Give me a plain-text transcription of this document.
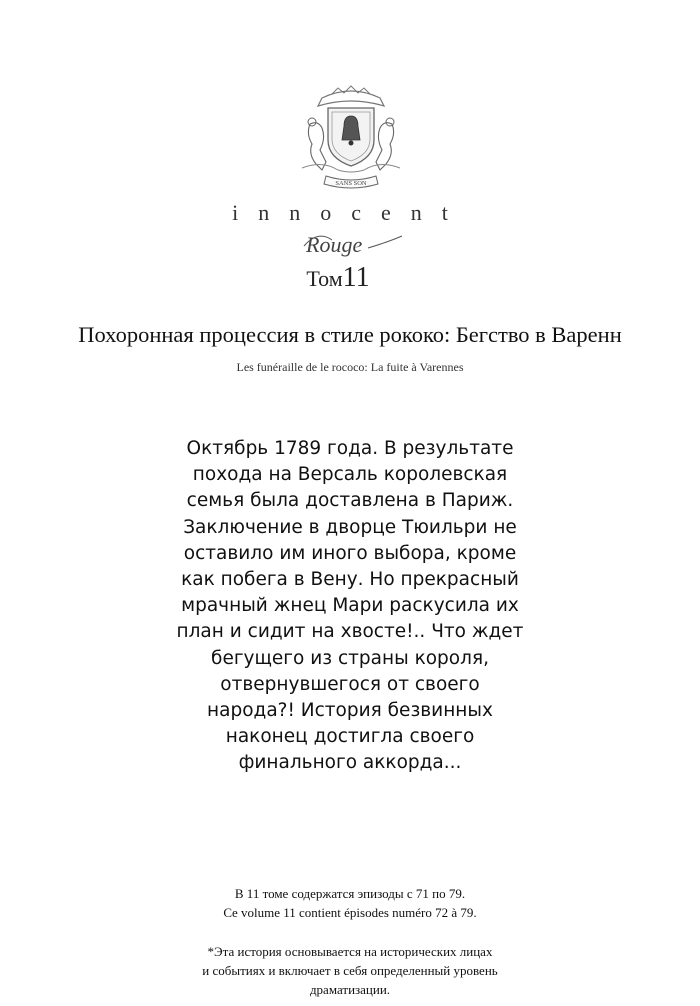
SANS SON
innocent
Rouge
Том11
Похоронная процессия в стиле рококо: Бегство в Варенн
Les funéraille de le rococo: La fuite à Varennes
Октябрь 1789 года. В результате
похода на Версаль королевская
семья была доставлена в Париж.
Заключение в дворце Тюильри не
оставило им иного выбора, кроме
как побега в Вену. Но прекрасный
мрачный жнец Мари раскусила их
план и сидит на хвосте!.. Что ждет
бегущего из страны короля,
отвернувшегося от своего
народа?! История безвинных
наконец достигла своего
финального аккорда...
В 11 томе содержатся эпизоды с 71 по 79.
Ce volume 11 contient épisodes numéro 72 à 79.
*Эта история основывается на исторических лицах
и событиях и включает в себя определенный уровень
драматизации.
